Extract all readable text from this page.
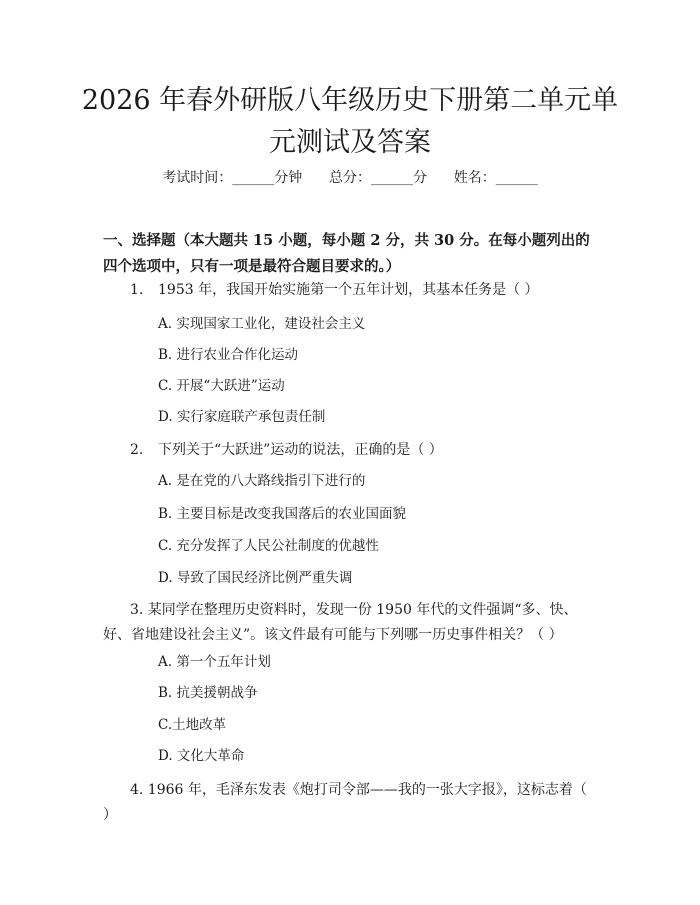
2026 年春外研版八年级历史下册第二单元单
元测试及答案
考试时间：______分钟      总分：______分      姓名：______
一、选择题（本大题共 15 小题，每小题 2 分，共 30 分。在每小题列出的四个选项中，只有一项是最符合题目要求的。）
1. 1953 年，我国开始实施第一个五年计划，其基本任务是（ ）
A. 实现国家工业化，建设社会主义
B. 进行农业合作化运动
C. 开展“大跃进”运动
D. 实行家庭联产承包责任制
2. 下列关于“大跃进”运动的说法，正确的是（ ）
A. 是在党的八大路线指引下进行的
B. 主要目标是改变我国落后的农业国面貌
C. 充分发挥了人民公社制度的优越性
D. 导致了国民经济比例严重失调
3. 某同学在整理历史资料时，发现一份 1950 年代的文件强调“多、快、好、省地建设社会主义”。该文件最有可能与下列哪一历史事件相关？（ ）
A. 第一个五年计划
B. 抗美援朝战争
C.土地改革
D. 文化大革命
4. 1966 年，毛泽东发表《炮打司令部——我的一张大字报》，这标志着（ ）
